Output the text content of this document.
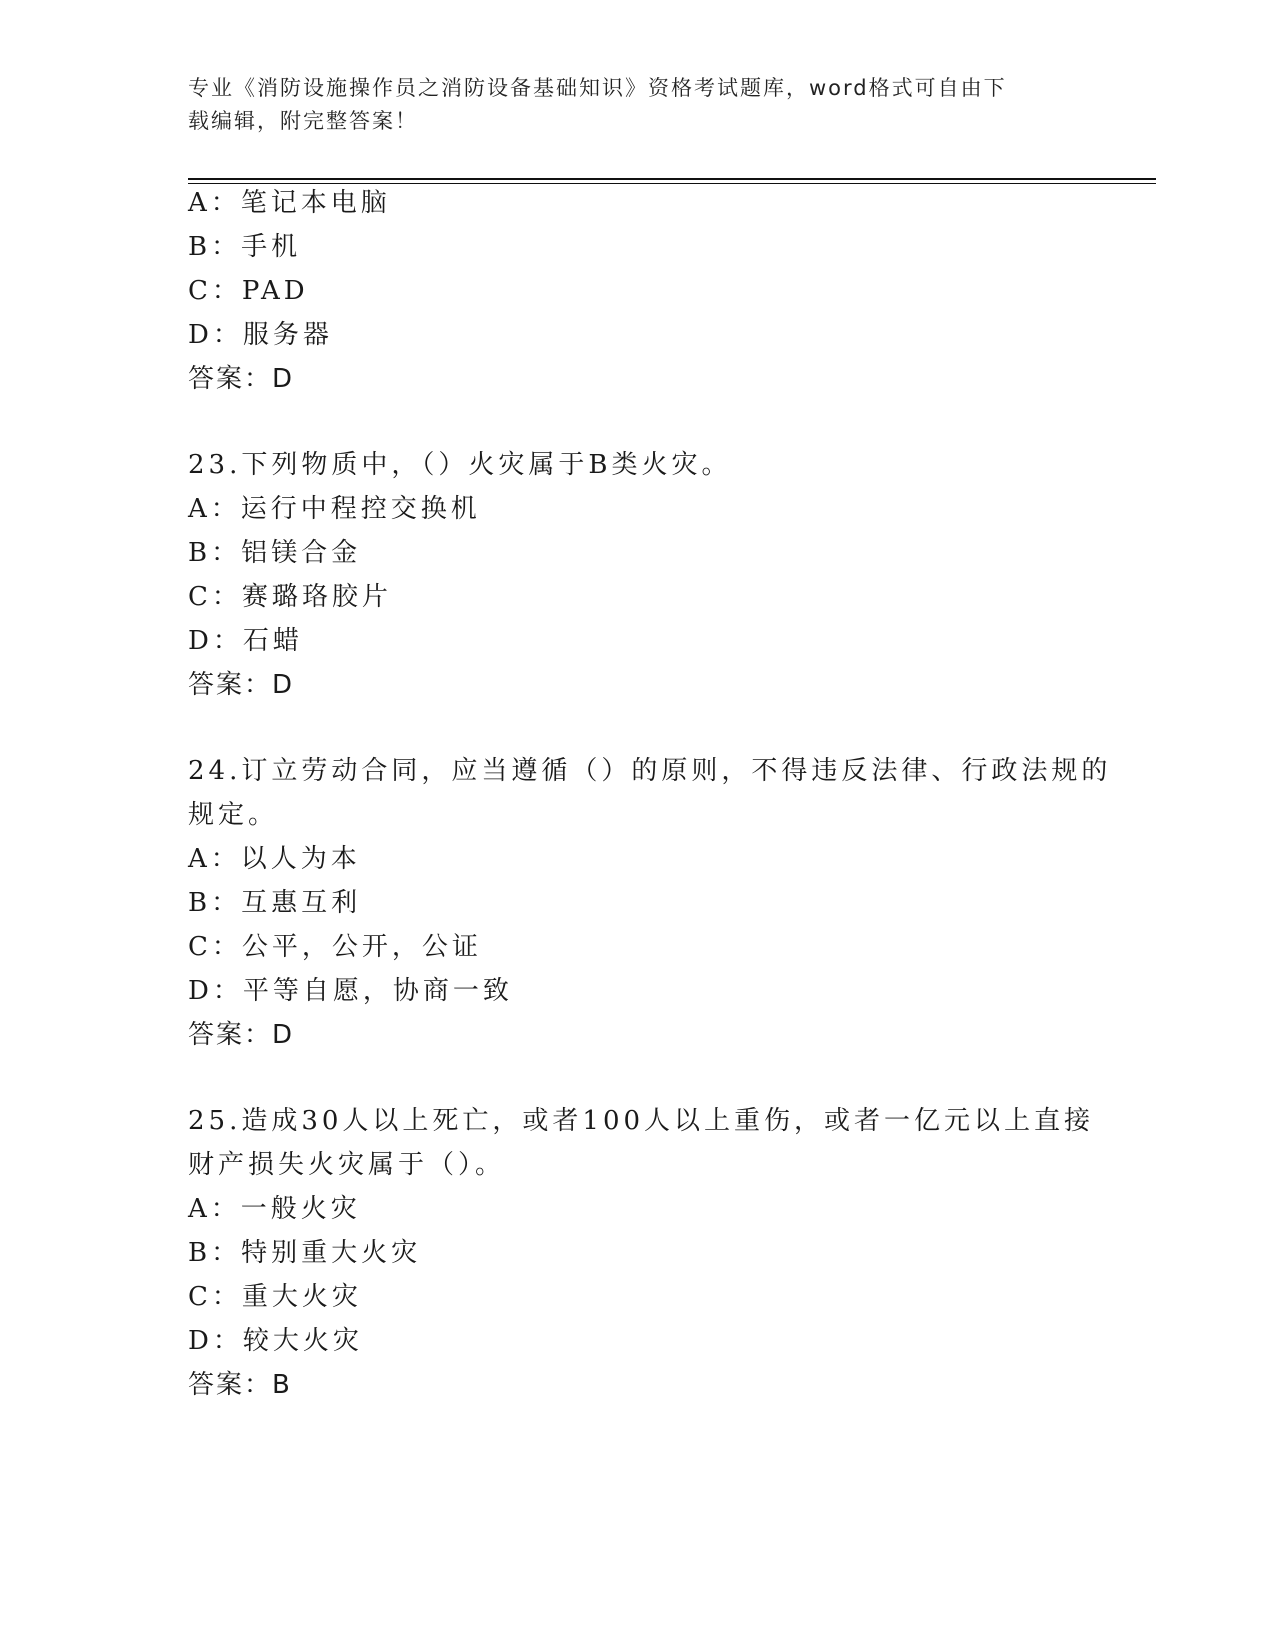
专业《消防设施操作员之消防设备基础知识》资格考试题库，word格式可自由下
载编辑，附完整答案！
A：笔记本电脑
B：手机
C：PAD
D：服务器
答案：D
23.下列物质中，（）火灾属于B类火灾。
A：运行中程控交换机
B：铝镁合金
C：赛璐珞胶片
D：石蜡
答案：D
24.订立劳动合同，应当遵循（）的原则，不得违反法律、行政法规的
规定。
A：以人为本
B：互惠互利
C：公平，公开，公证
D：平等自愿，协商一致
答案：D
25.造成30人以上死亡，或者100人以上重伤，或者一亿元以上直接
财产损失火灾属于（）。
A：一般火灾
B：特别重大火灾
C：重大火灾
D：较大火灾
答案：B
